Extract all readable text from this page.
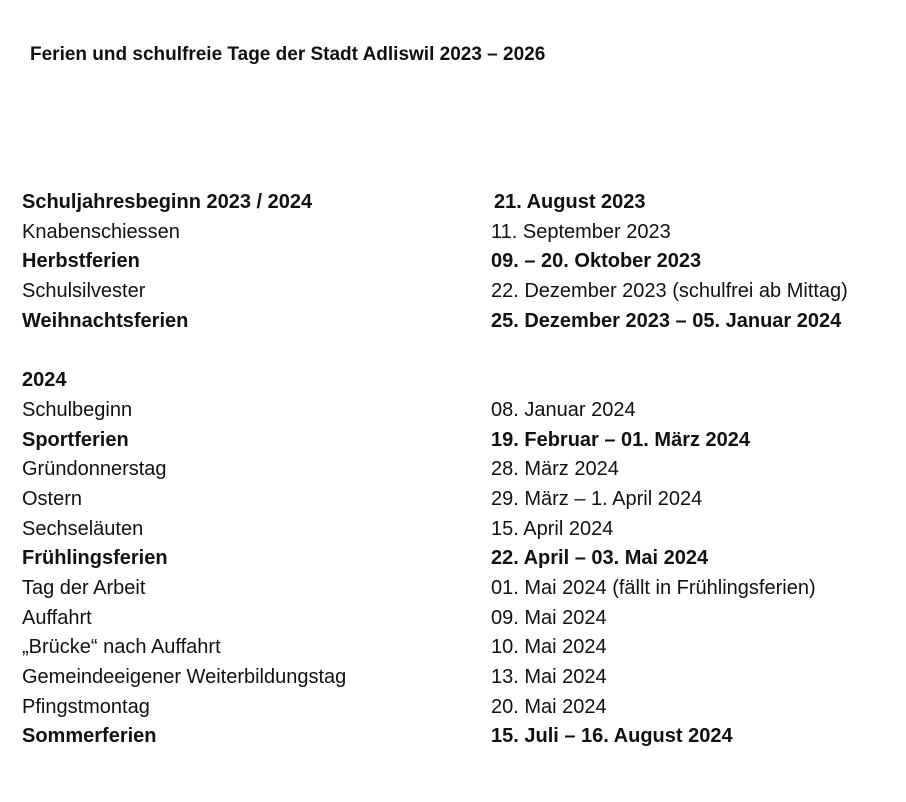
Ferien und schulfreie Tage der Stadt Adliswil 2023 – 2026
Schuljahresbeginn 2023 / 2024	21. August 2023
Knabenschiessen	11. September 2023
Herbstferien	09. – 20. Oktober 2023
Schulsilvester	22. Dezember 2023 (schulfrei ab Mittag)
Weihnachtsferien	25. Dezember 2023 – 05. Januar 2024
2024
Schulbeginn	08. Januar 2024
Sportferien	19. Februar – 01. März 2024
Gründonnerstag	28. März 2024
Ostern	29. März – 1. April 2024
Sechseläuten	15. April 2024
Frühlingsferien	22. April – 03. Mai 2024
Tag der Arbeit	01. Mai 2024 (fällt in Frühlingsferien)
Auffahrt	09. Mai 2024
„Brücke“ nach Auffahrt	10. Mai 2024
Gemeindeeigener Weiterbildungstag	13. Mai 2024
Pfingstmontag	20. Mai 2024
Sommerferien	15. Juli – 16. August 2024
